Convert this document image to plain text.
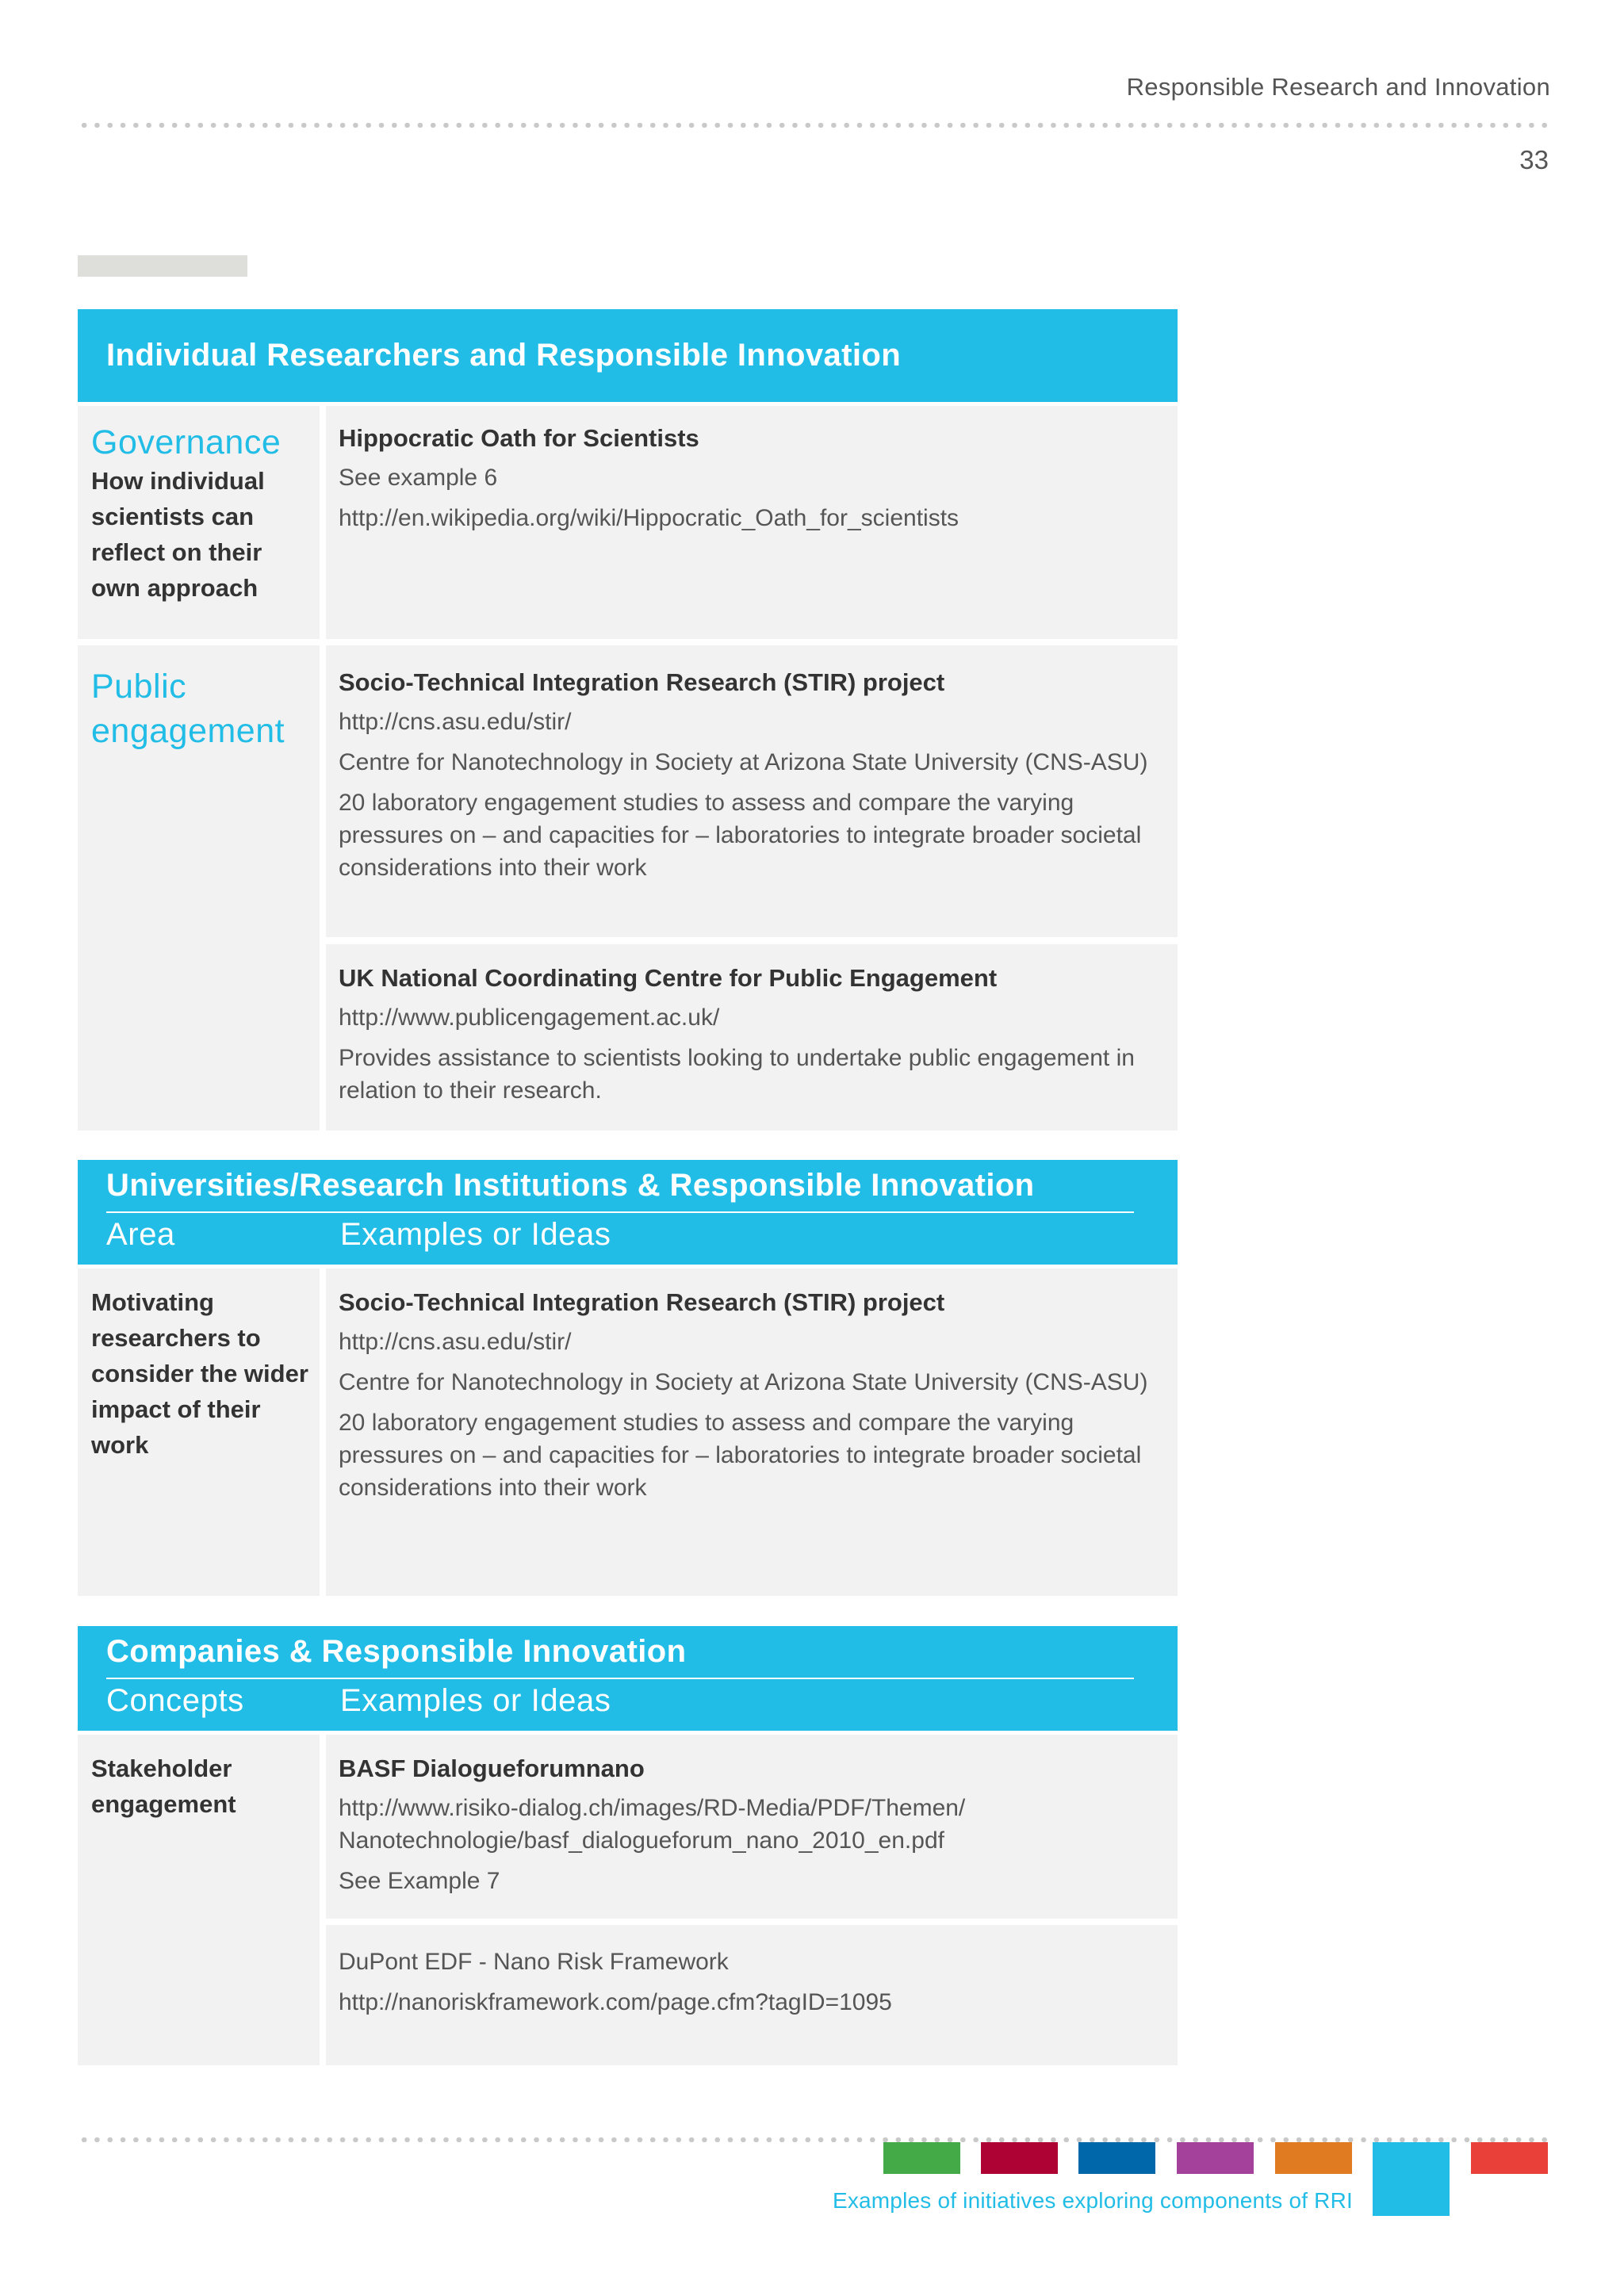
Responsible Research and Innovation
33
Individual Researchers and Responsible Innovation
Governance
How individual scientists can reflect on their own approach
Hippocratic Oath for Scientists
See example 6
http://en.wikipedia.org/wiki/Hippocratic_Oath_for_scientists
Public
engagement
Socio-Technical Integration Research (STIR) project
http://cns.asu.edu/stir/
Centre for Nanotechnology in Society at Arizona State University (CNS-ASU)
20 laboratory engagement studies to assess and compare the varying pressures on – and capacities for – laboratories to integrate broader societal considerations into their work
UK National Coordinating Centre for Public Engagement
http://www.publicengagement.ac.uk/
Provides assistance to scientists looking to undertake public engagement in relation to their research.
Universities/Research Institutions & Responsible Innovation
Area	Examples or Ideas
Motivating researchers to consider the wider impact of their work
Socio-Technical Integration Research (STIR) project
http://cns.asu.edu/stir/
Centre for Nanotechnology in Society at Arizona State University (CNS-ASU)
20 laboratory engagement studies to assess and compare the varying pressures on – and capacities for – laboratories to integrate broader societal considerations into their work
Companies & Responsible Innovation
Concepts	Examples or Ideas
Stakeholder engagement
BASF Dialogueforumnano
http://www.risiko-dialog.ch/images/RD-Media/PDF/Themen/ Nanotechnologie/basf_dialogueforum_nano_2010_en.pdf
See Example 7
DuPont EDF - Nano Risk Framework
http://nanoriskframework.com/page.cfm?tagID=1095
Examples of initiatives exploring components of RRI
